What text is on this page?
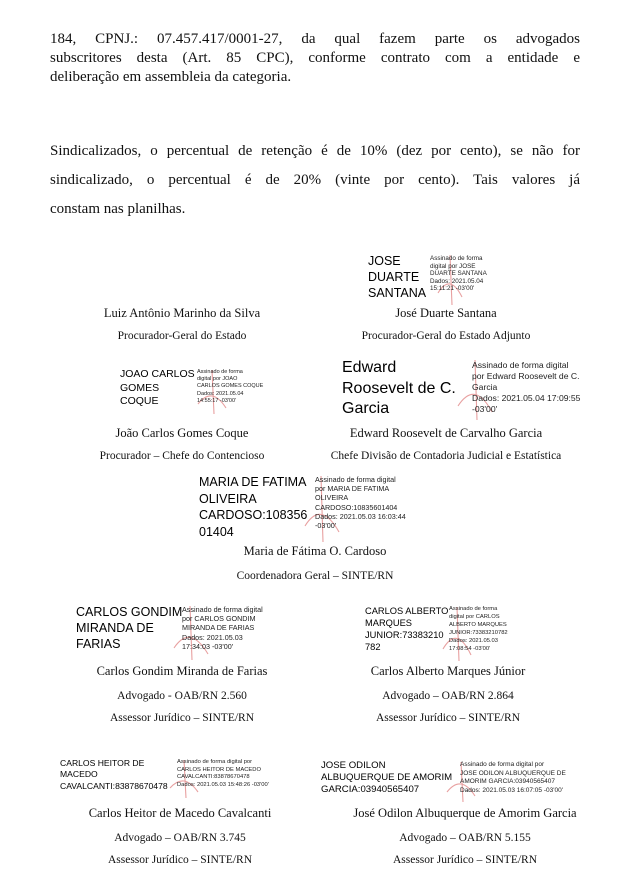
184, CPNJ.: 07.457.417/0001-27, da qual fazem parte os advogados
subscritores desta (Art. 85 CPC), conforme contrato com a entidade e
deliberação em assembleia da categoria.
Sindicalizados, o percentual de retenção é de 10% (dez por cento), se não for
sindicalizado, o percentual é de 20% (vinte por cento). Tais valores já
constam nas planilhas.
Luiz Antônio Marinho da Silva
Procurador-Geral do Estado
JOSE
DUARTE
SANTANA
Assinado de forma
digital por JOSE
DUARTE SANTANA
Dados: 2021.05.04
15:11:21 -03'00'
José Duarte Santana
Procurador-Geral do Estado Adjunto
JOAO CARLOS
GOMES
COQUE
Assinado de forma
digital por JOAO
CARLOS GOMES COQUE
Dados: 2021.05.04
14:55:17 -03'00'
João Carlos Gomes Coque
Procurador – Chefe do Contencioso
Edward
Roosevelt de C.
Garcia
Assinado de forma digital
por Edward Roosevelt de C.
Garcia
Dados: 2021.05.04 17:09:55
-03'00'
Edward Roosevelt de Carvalho Garcia
Chefe Divisão de Contadoria Judicial e Estatística
MARIA DE FATIMA
OLIVEIRA
CARDOSO:108356
01404
Assinado de forma digital
por MARIA DE FATIMA
OLIVEIRA
CARDOSO:10835601404
Dados: 2021.05.03 16:03:44
-03'00'
Maria de Fátima O. Cardoso
Coordenadora Geral – SINTE/RN
CARLOS GONDIM
MIRANDA DE
FARIAS
Assinado de forma digital
por CARLOS GONDIM
MIRANDA DE FARIAS
Dados: 2021.05.03
17:34:03 -03'00'
Carlos Gondim Miranda de Farias
Advogado - OAB/RN 2.560
Assessor Jurídico – SINTE/RN
CARLOS ALBERTO
MARQUES
JUNIOR:73383210
782
Assinado de forma
digital por CARLOS
ALBERTO MARQUES
JUNIOR:73383210782
Dados: 2021.05.03
17:08:54 -03'00'
Carlos Alberto Marques Júnior
Advogado – OAB/RN 2.864
Assessor Jurídico – SINTE/RN
CARLOS HEITOR DE
MACEDO
CAVALCANTI:83878670478
Assinado de forma digital por
CARLOS HEITOR DE MACEDO
CAVALCANTI:83878670478
Dados: 2021.05.03 15:48:26 -03'00'
Carlos Heitor de Macedo Cavalcanti
Advogado – OAB/RN 3.745
Assessor Jurídico – SINTE/RN
JOSE ODILON
ALBUQUERQUE DE AMORIM
GARCIA:03940565407
Assinado de forma digital por
JOSE ODILON ALBUQUERQUE DE
AMORIM GARCIA:03940565407
Dados: 2021.05.03 16:07:05 -03'00'
José Odilon Albuquerque de Amorim Garcia
Advogado – OAB/RN 5.155
Assessor Jurídico – SINTE/RN
